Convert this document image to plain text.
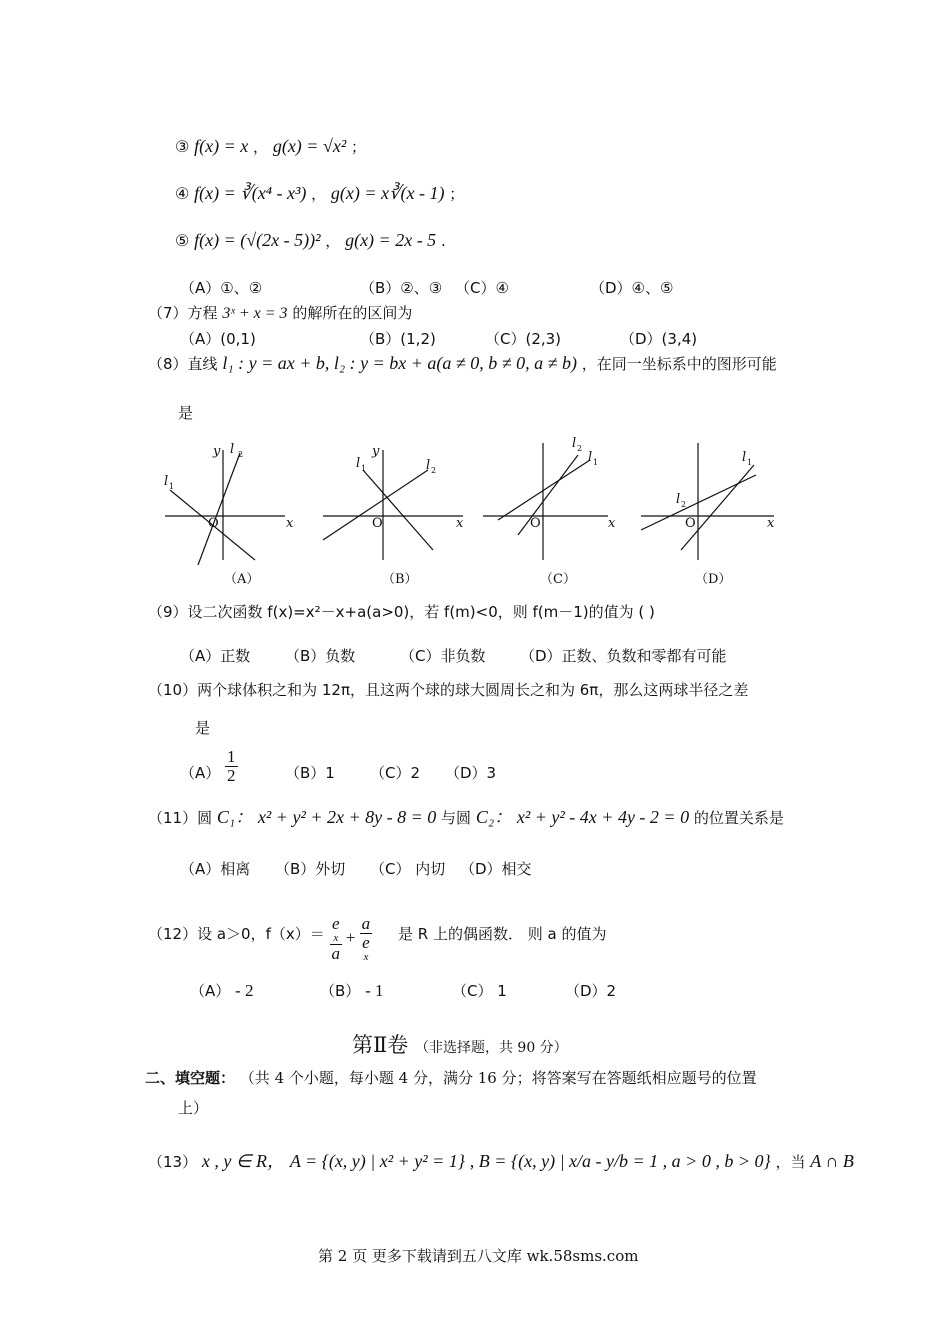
③ f(x) = x ， g(x) = √x² ；
④ f(x) = ∛(x⁴ - x³) ， g(x) = x∛(x - 1) ；
⑤ f(x) = (√(2x - 5))² ， g(x) = 2x - 5 .
（A）①、②	（B）②、③ （C）④	（D）④、⑤
（7）方程 3ˣ + x = 3 的解所在的区间为
（A）(0,1)	（B）(1,2)	（C）(2,3)	（D）(3,4)
（8）直线 l₁ : y = ax + b, l₂ : y = bx + a(a ≠ 0, b ≠ 0, a ≠ b) ，在同一坐标系中的图形可能
是
y l 2
l 1
O	x
（A）
y
l 1	l 2
O	x
（B）
l 2
l 1
O	x
（C）
l 1
l 2
O	x
（D）
（9）设二次函数 f(x)=x²－x+a(a>0)，若 f(m)<0，则 f(m－1)的值为 ( )
（A）正数 （B）负数	（C）非负数 （D）正数、负数和零都有可能
（10）两个球体积之和为 12π，且这两个球的球大圆周长之和为 6π，那么这两球半径之差
是
$(A) \frac{1}{2}$	（B）1 （C）2 （D）3
（11）圆 C₁： x² + y² + 2x + 8y - 8 = 0 与圆 C₂： x² + y² - 4x + 4y - 2 = 0 的位置关系是
（A）相离 （B）外切 （C） 内切 （D）相交
（12）设 a＞0，f（x）＝ e
x
a + a
e
x 是 R 上的偶函数． 则 a 的值为
（A） - 2	（B） - 1	（C） 1	（D）2
第Ⅱ卷 （非选择题，共 90 分）
二、填空题： （共 4 个小题，每小题 4 分，满分 16 分；将答案写在答题纸相应题号的位置
上）
（13） x , y ∈ R， A = {(x, y) | x² + y² = 1} , B = {(x, y) | x/a - y/b = 1 , a > 0 , b > 0} ，当 A ∩ B
第 2 页 更多下载请到五八文库 wk.58sms.com
